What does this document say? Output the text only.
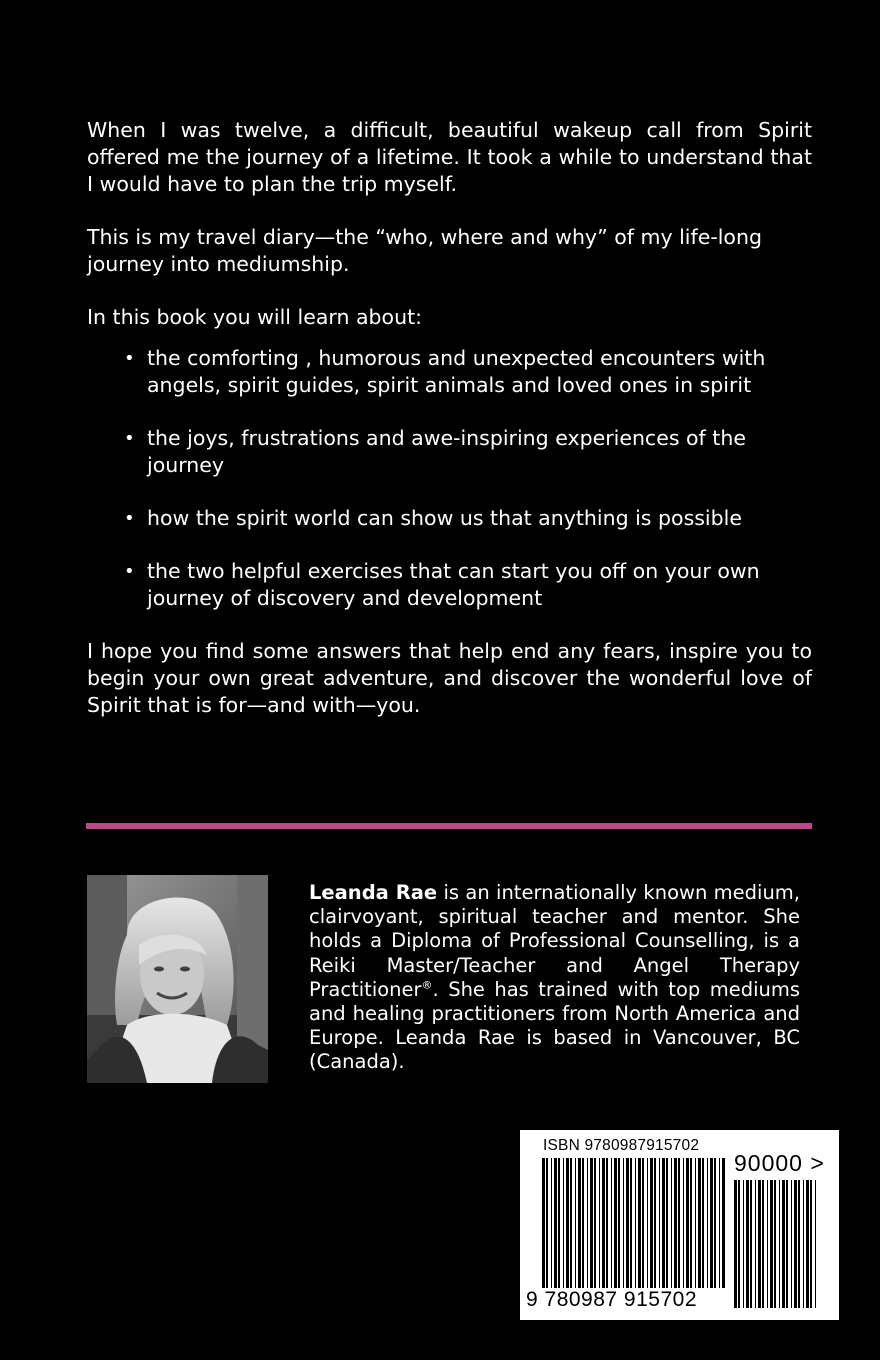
When I was twelve, a difficult, beautiful wakeup call from Spirit offered me the journey of a lifetime. It took a while to understand that I would have to plan the trip myself.

This is my travel diary—the “who, where and why” of my life-long journey into mediumship.

In this book you will learn about:

• the comforting , humorous and unexpected encounters with angels, spirit guides, spirit animals and loved ones in spirit
• the joys, frustrations and awe-inspiring experiences of the journey
• how the spirit world can show us that anything is possible
• the two helpful exercises that can start you off on your own journey of discovery and development

I hope you find some answers that help end any fears, inspire you to begin your own great adventure, and discover the wonderful love of Spirit that is for—and with—you.

Leanda Rae is an internationally known medium, clairvoyant, spiritual teacher and mentor. She holds a Diploma of Professional Counselling, is a Reiki Master/Teacher and Angel Therapy Practitioner®. She has trained with top mediums and healing practitioners from North America and Europe. Leanda Rae is based in Vancouver, BC (Canada).

ISBN 9780987915702
90000 >
9 780987 915702
